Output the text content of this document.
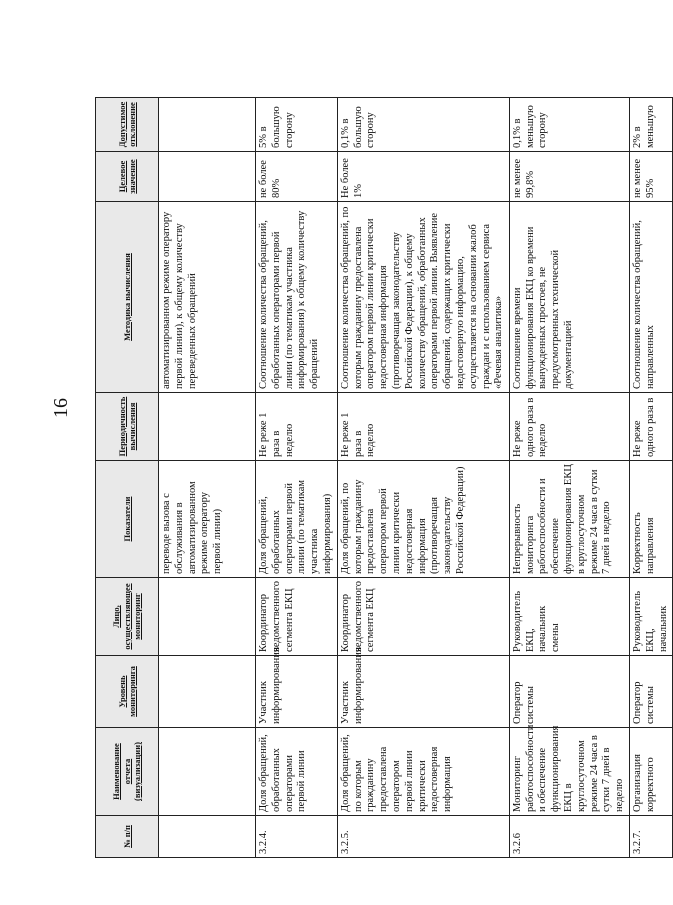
16
№ п/п	Наименование отчета (визуализации)	Уровень мониторинга	Лицо, осуществляющее мониторинг	Показатели	Периодичность вычисления	Методика вычисления	Целевое значение	Допустимое отклонение
				переводе вызова с обслуживания в автоматизированном режиме оператору первой линии)		автоматизированном режиме оператору первой линии), к общему количеству переведенных обращений		
3.2.4.	Доля обращений, обработанных операторами первой линии	Участник информирования	Координатор ведомственного сегмента ЕКЦ	Доля обращений, обработанных операторами первой линии (по тематикам участника информирования)	Не реже 1 раза в неделю	Соотношение количества обращений, обработанных операторами первой линии (по тематикам участника информирования) к общему количеству обращений	не более 80%	5% в большую сторону
3.2.5.	Доля обращений, по которым гражданину предоставлена оператором первой линии критически недостоверная информация	Участник информирования	Координатор ведомственного сегмента ЕКЦ	Доля обращений, по которым гражданину предоставлена оператором первой линии критически недостоверная информация (противоречащая законодательству Российской Федерации)	Не реже 1 раза в неделю	Соотношение количества обращений, по которым гражданину предоставлена оператором первой линии критически недостоверная информация (противоречащая законодательству Российской Федерации), к общему количеству обращений, обработанных операторами первой линии. Выявление обращений, содержащих критически недостоверную информацию, осуществляется на основании жалоб граждан и с использованием сервиса «Речевая аналитика»	Не более 1%	0,1% в большую сторону
3.2.6	Мониторинг работоспособности и обеспечение функционирования ЕКЦ в круглосуточном режиме 24 часа в сутки 7 дней в неделю	Оператор системы	Руководитель ЕКЦ, начальник смены	Непрерывность мониторинга работоспособности и обеспечение функционирования ЕКЦ в круглосуточном режиме 24 часа в сутки 7 дней в неделю	Не реже одного раза в неделю	Соотношение времени функционирования ЕКЦ ко времени вынужденных простоев, не предусмотренных технической документацией	не менее 99,8%	0,1% в меньшую сторону
3.2.7.	Организация корректного	Оператор системы	Руководитель ЕКЦ, начальник	Корректность направления	Не реже одного раза в	Соотношение количества обращений, направленных	не менее 95%	2% в меньшую
